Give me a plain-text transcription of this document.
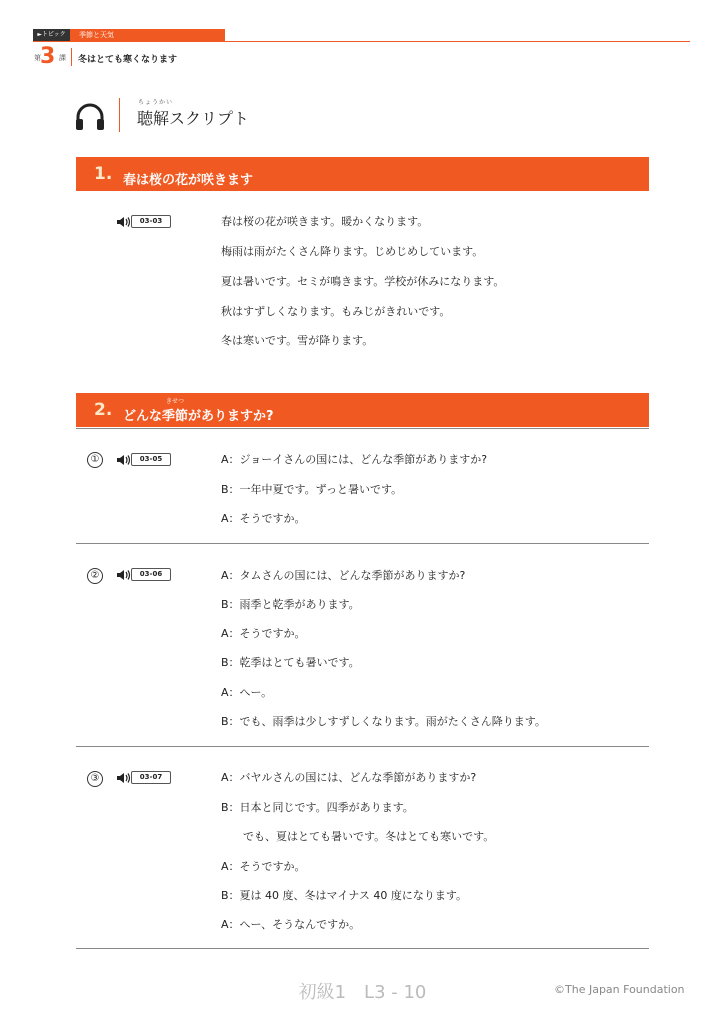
►トピック	季節と天気
第 3 課 冬はとても寒くなります
ちょうかい
聴解スクリプト
1. 春は桜の花が咲きます
03-03	春は桜の花が咲きます。暖かくなります。
梅雨は雨がたくさん降ります。じめじめしています。
夏は暑いです。セミが鳴きます。学校が休みになります。
秋はすずしくなります。もみじがきれいです。
冬は寒いです。雪が降ります。
2.	きせつ
どんな季節がありますか?
①	03-05	A：ジョーイさんの国には、どんな季節がありますか?
B：一年中夏です。ずっと暑いです。
A：そうですか。
②	03-06	A：タムさんの国には、どんな季節がありますか?
B：雨季と乾季があります。
A：そうですか。
B：乾季はとても暑いです。
A：へー。
B：でも、雨季は少しすずしくなります。雨がたくさん降ります。
③	03-07	A：バヤルさんの国には、どんな季節がありますか?
B：日本と同じです。四季があります。
　　でも、夏はとても暑いです。冬はとても寒いです。
A：そうですか。
B：夏は 40 度、冬はマイナス 40 度になります。
A：へー、そうなんですか。
初級1　L3 - 10	©The Japan Foundation
